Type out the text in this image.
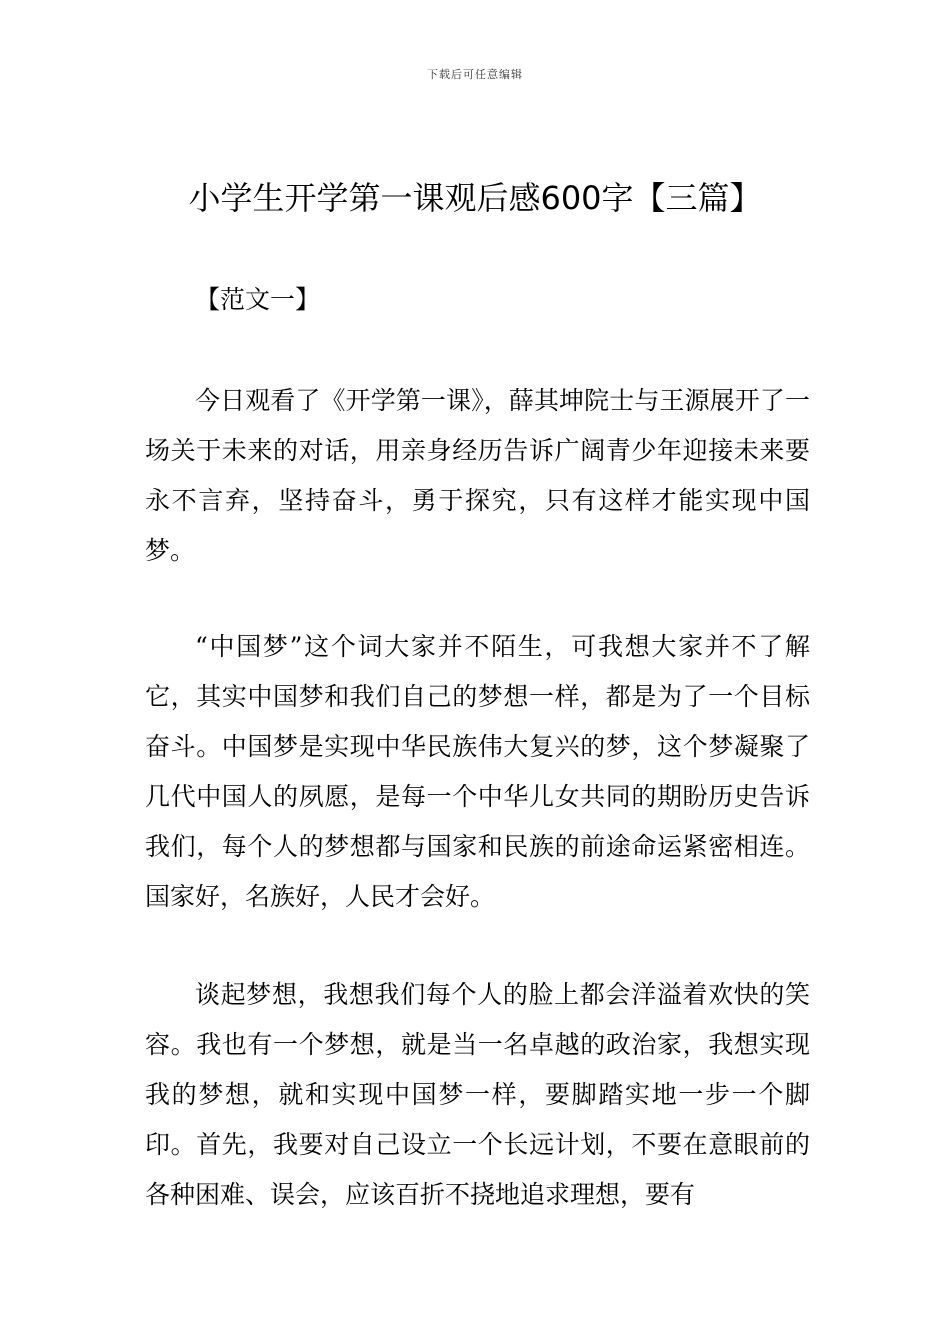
下载后可任意编辑
小学生开学第一课观后感600字【三篇】
【范文一】

今日观看了《开学第一课》，薛其坤院士与王源展开了一场关于未来的对话，用亲身经历告诉广阔青少年迎接未来要永不言弃，坚持奋斗，勇于探究，只有这样才能实现中国梦。

“中国梦”这个词大家并不陌生，可我想大家并不了解它，其实中国梦和我们自己的梦想一样，都是为了一个目标奋斗。中国梦是实现中华民族伟大复兴的梦，这个梦凝聚了几代中国人的夙愿，是每一个中华儿女共同的期盼历史告诉我们，每个人的梦想都与国家和民族的前途命运紧密相连。国家好，名族好，人民才会好。

谈起梦想，我想我们每个人的脸上都会洋溢着欢快的笑容。我也有一个梦想，就是当一名卓越的政治家，我想实现我的梦想，就和实现中国梦一样，要脚踏实地一步一个脚印。首先，我要对自己设立一个长远计划，不要在意眼前的各种困难、误会，应该百折不挠地追求理想，要有
